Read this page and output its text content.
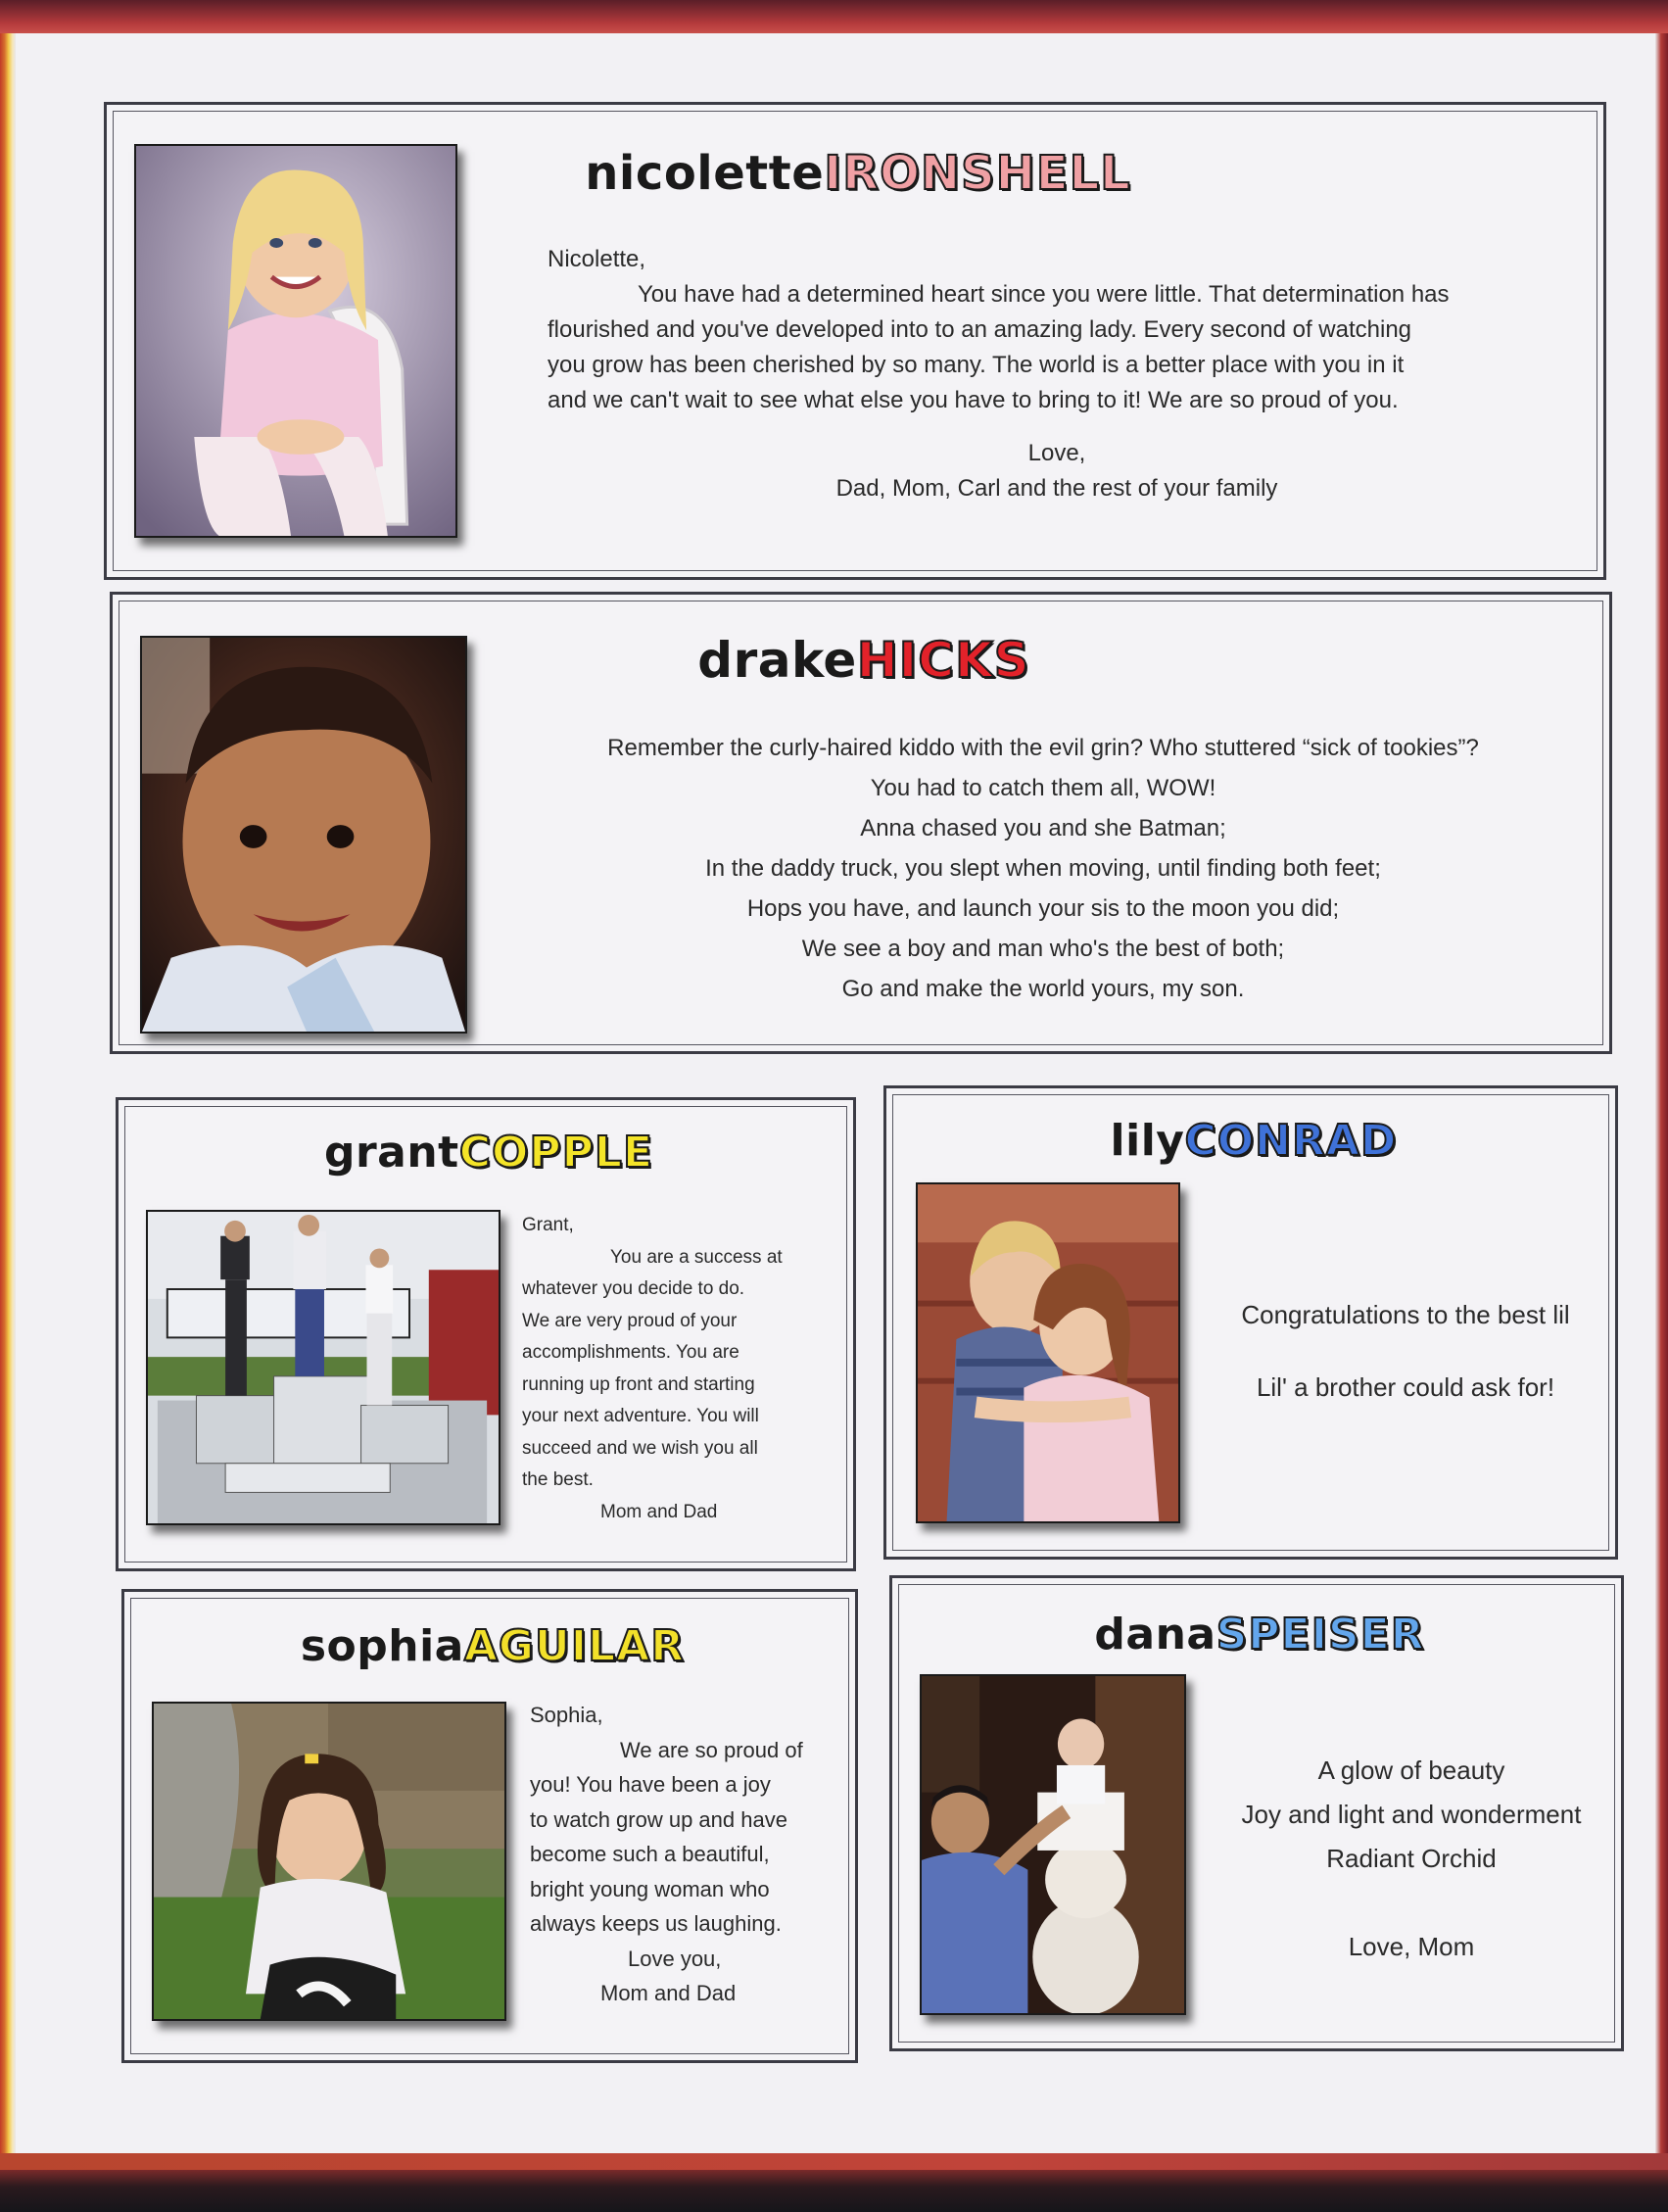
nicoletteIRONSHELL

Nicolette,

You have had a determined heart since you were little. That determination has

flourished and you've developed into to an amazing lady. Every second of watching

you grow has been cherished by so many. The world is a better place with you in it

and we can't wait to see what else you have to bring to it! We are so proud of you.

Love,

Dad, Mom, Carl and the rest of your family

drakeHICKS

Remember the curly-haired kiddo with the evil grin? Who stuttered “sick of tookies”?

You had to catch them all, WOW!

Anna chased you and she Batman;

In the daddy truck, you slept when moving, until finding both feet;

Hops you have, and launch your sis to the moon you did;

We see a boy and man who's the best of both;

Go and make the world yours, my son.

grantCOPPLE

Grant,

You are a success at

whatever you decide to do.

We are very proud of your

accomplishments. You are

running up front and starting

your next adventure. You will

succeed and we wish you all

the best.

Mom and Dad

lilyCONRAD

Congratulations to the best lil

Lil' a brother could ask for!

sophiaAGUILAR

Sophia,

We are so proud of

you! You have been a joy

to watch grow up and have

become such a beautiful,

bright young woman who

always keeps us laughing.

Love you,

Mom and Dad

danaSPEISER

A glow of beauty

Joy and light and wonderment

Radiant Orchid

Love, Mom
